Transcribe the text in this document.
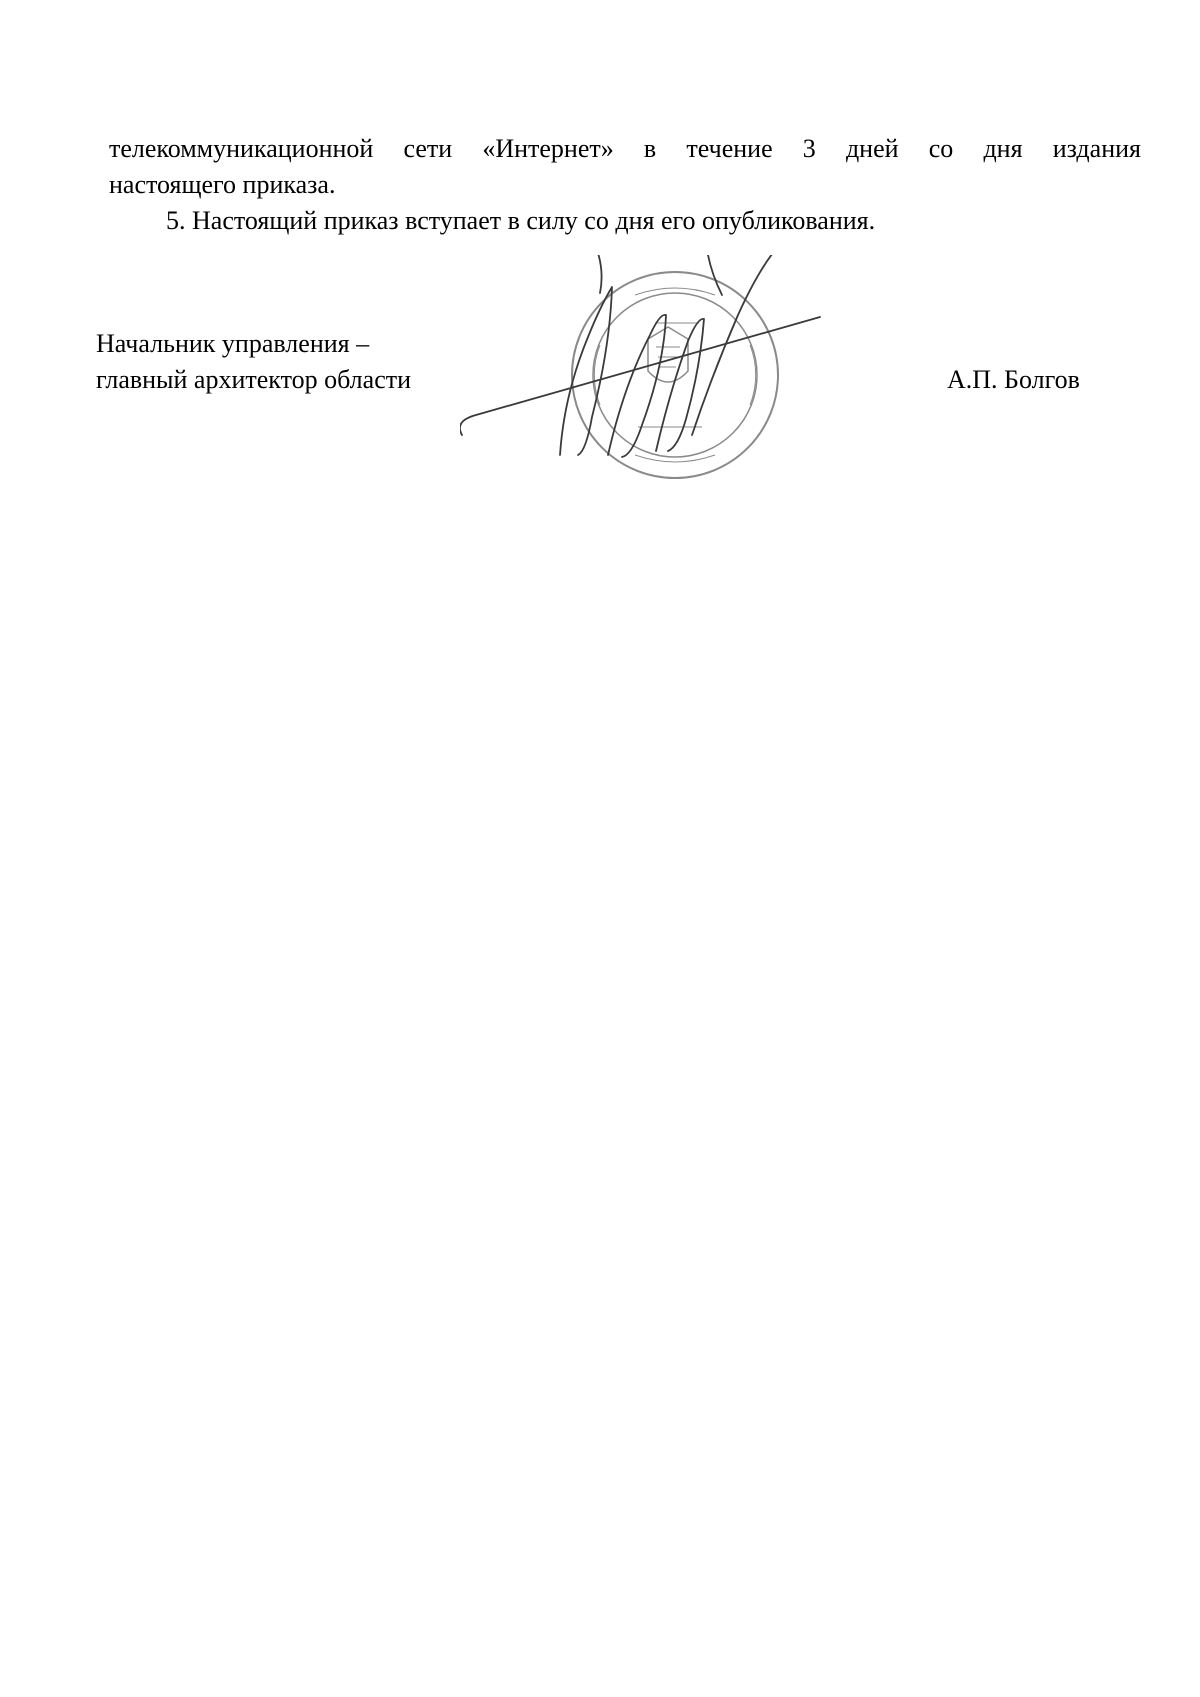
телекоммуникационной сети «Интернет» в течение 3 дней со дня издания
настоящего приказа.
5. Настоящий приказ вступает в силу со дня его опубликования.
Начальник управления –
главный архитектор области	А.П. Болгов
